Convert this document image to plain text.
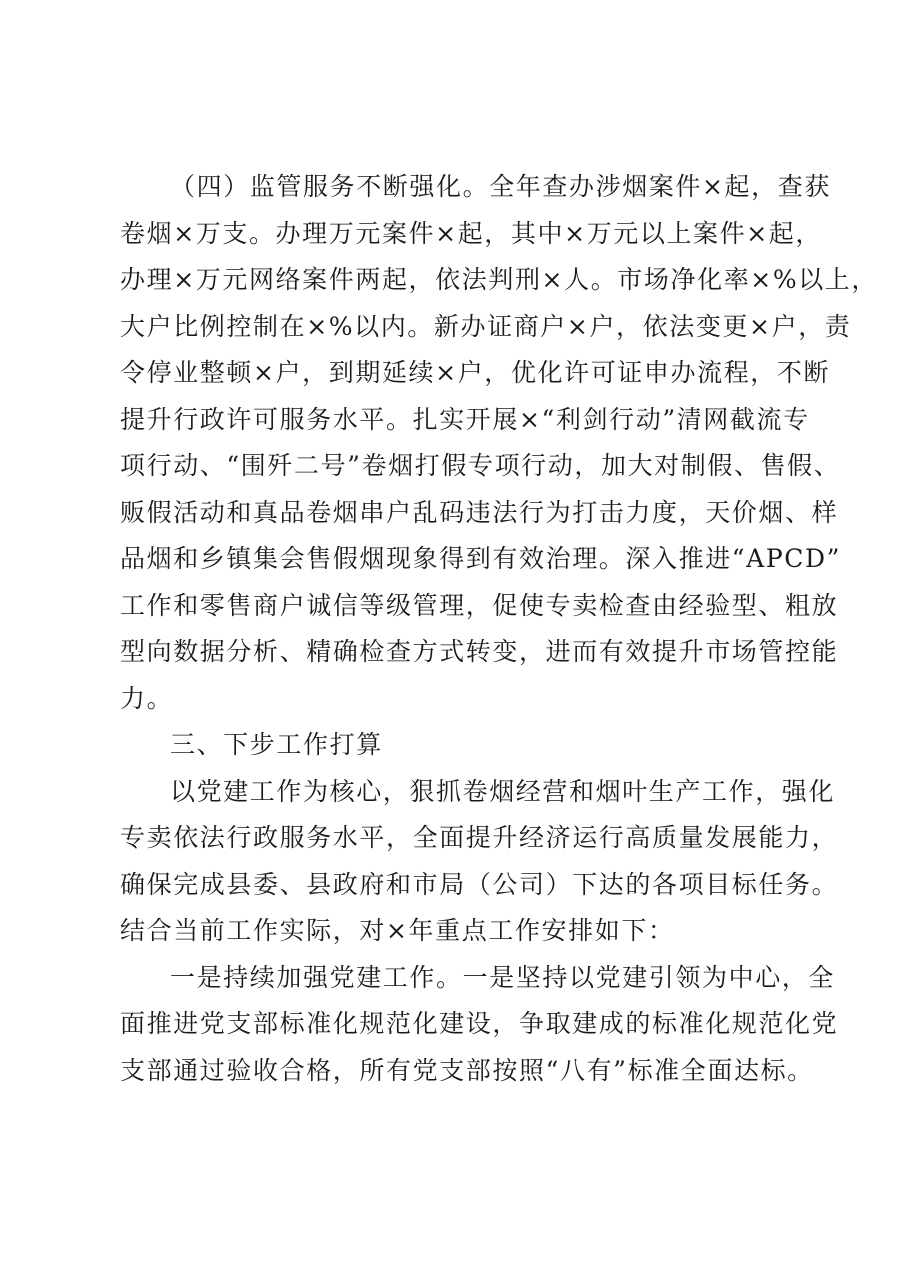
（四）监管服务不断强化。全年查办涉烟案件×起，查获
卷烟×万支。办理万元案件×起，其中×万元以上案件×起，
办理×万元网络案件两起，依法判刑×人。市场净化率×%以上，
大户比例控制在×%以内。新办证商户×户，依法变更×户，责
令停业整顿×户，到期延续×户，优化许可证申办流程，不断
提升行政许可服务水平。扎实开展×“利剑行动”清网截流专
项行动、“围歼二号”卷烟打假专项行动，加大对制假、售假、
贩假活动和真品卷烟串户乱码违法行为打击力度，天价烟、样
品烟和乡镇集会售假烟现象得到有效治理。深入推进“APCD”
工作和零售商户诚信等级管理，促使专卖检查由经验型、粗放
型向数据分析、精确检查方式转变，进而有效提升市场管控能
力。
三、下步工作打算
以党建工作为核心，狠抓卷烟经营和烟叶生产工作，强化
专卖依法行政服务水平，全面提升经济运行高质量发展能力，
确保完成县委、县政府和市局（公司）下达的各项目标任务。
结合当前工作实际，对×年重点工作安排如下：
一是持续加强党建工作。一是坚持以党建引领为中心，全
面推进党支部标准化规范化建设，争取建成的标准化规范化党
支部通过验收合格，所有党支部按照“八有”标准全面达标。
